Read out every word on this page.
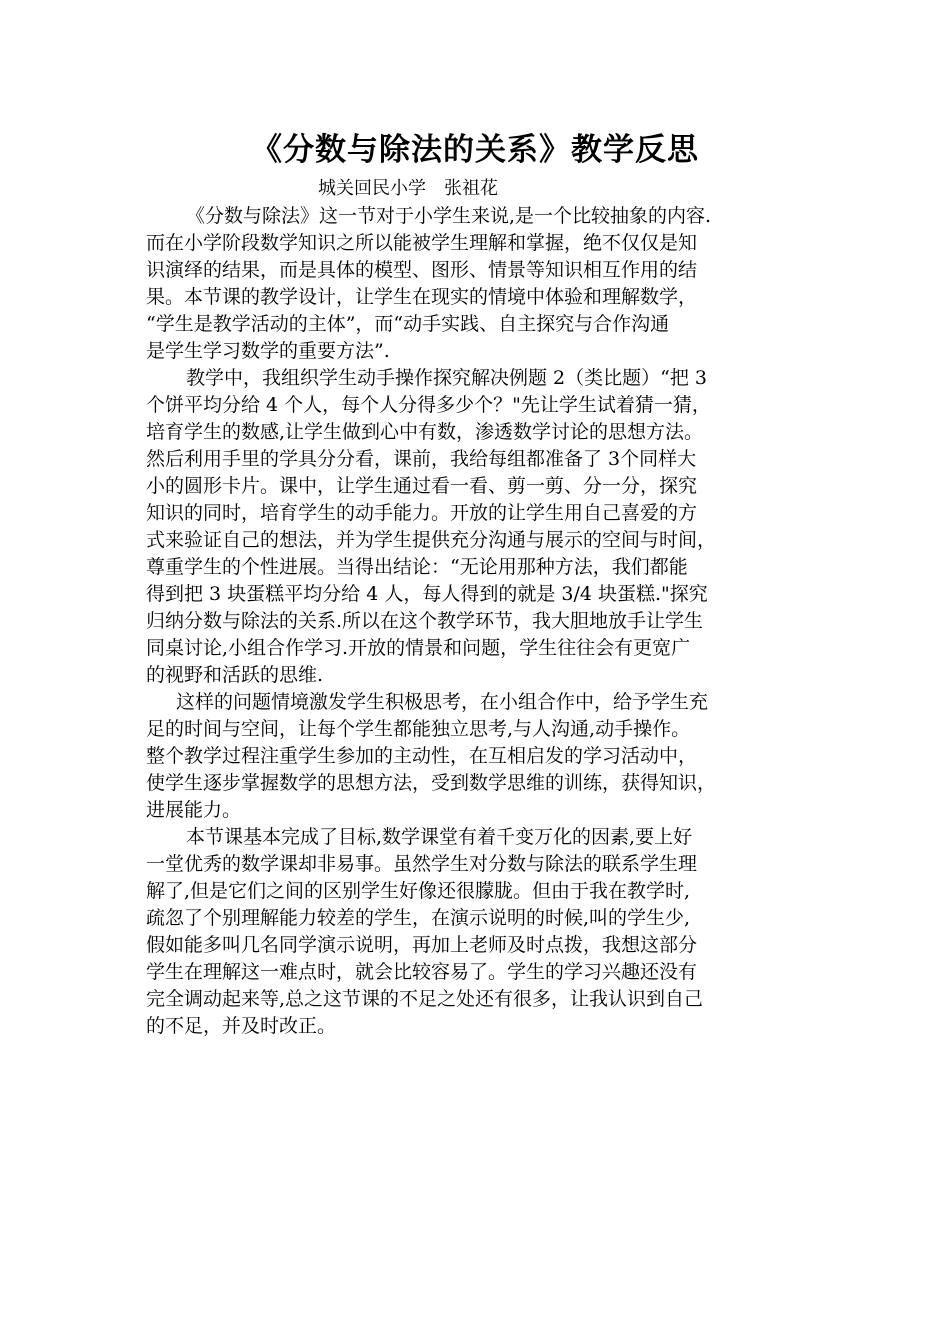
《分数与除法的关系》教学反思
城关回民小学　张祖花
《分数与除法》这一节对于小学生来说,是一个比较抽象的内容.
而在小学阶段数学知识之所以能被学生理解和掌握，绝不仅仅是知
识演绎的结果，而是具体的模型、图形、情景等知识相互作用的结
果。本节课的教学设计，让学生在现实的情境中体验和理解数学，
“学生是教学活动的主体”，而“动手实践、自主探究与合作沟通
是学生学习数学的重要方法”.
教学中，我组织学生动手操作探究解决例题 2（类比题）“把 3
个饼平均分给 4 个人，每个人分得多少个？"先让学生试着猜一猜，
培育学生的数感,让学生做到心中有数，渗透数学讨论的思想方法。
然后利用手里的学具分分看，课前，我给每组都准备了 3个同样大
小的圆形卡片。课中，让学生通过看一看、剪一剪、分一分，探究
知识的同时，培育学生的动手能力。开放的让学生用自己喜爱的方
式来验证自己的想法，并为学生提供充分沟通与展示的空间与时间，
尊重学生的个性进展。当得出结论：“无论用那种方法，我们都能
得到把 3 块蛋糕平均分给 4 人，每人得到的就是 3/4 块蛋糕."探究
归纳分数与除法的关系.所以在这个教学环节，我大胆地放手让学生
同桌讨论,小组合作学习.开放的情景和问题，学生往往会有更宽广
的视野和活跃的思维.
这样的问题情境激发学生积极思考，在小组合作中，给予学生充
足的时间与空间，让每个学生都能独立思考,与人沟通,动手操作。
整个教学过程注重学生参加的主动性，在互相启发的学习活动中，
使学生逐步掌握数学的思想方法，受到数学思维的训练，获得知识，
进展能力。
本节课基本完成了目标,数学课堂有着千变万化的因素,要上好
一堂优秀的数学课却非易事。虽然学生对分数与除法的联系学生理
解了,但是它们之间的区别学生好像还很朦胧。但由于我在教学时,
疏忽了个别理解能力较差的学生，在演示说明的时候,叫的学生少,
假如能多叫几名同学演示说明，再加上老师及时点拨，我想这部分
学生在理解这一难点时，就会比较容易了。学生的学习兴趣还没有
完全调动起来等,总之这节课的不足之处还有很多，让我认识到自己
的不足，并及时改正。
